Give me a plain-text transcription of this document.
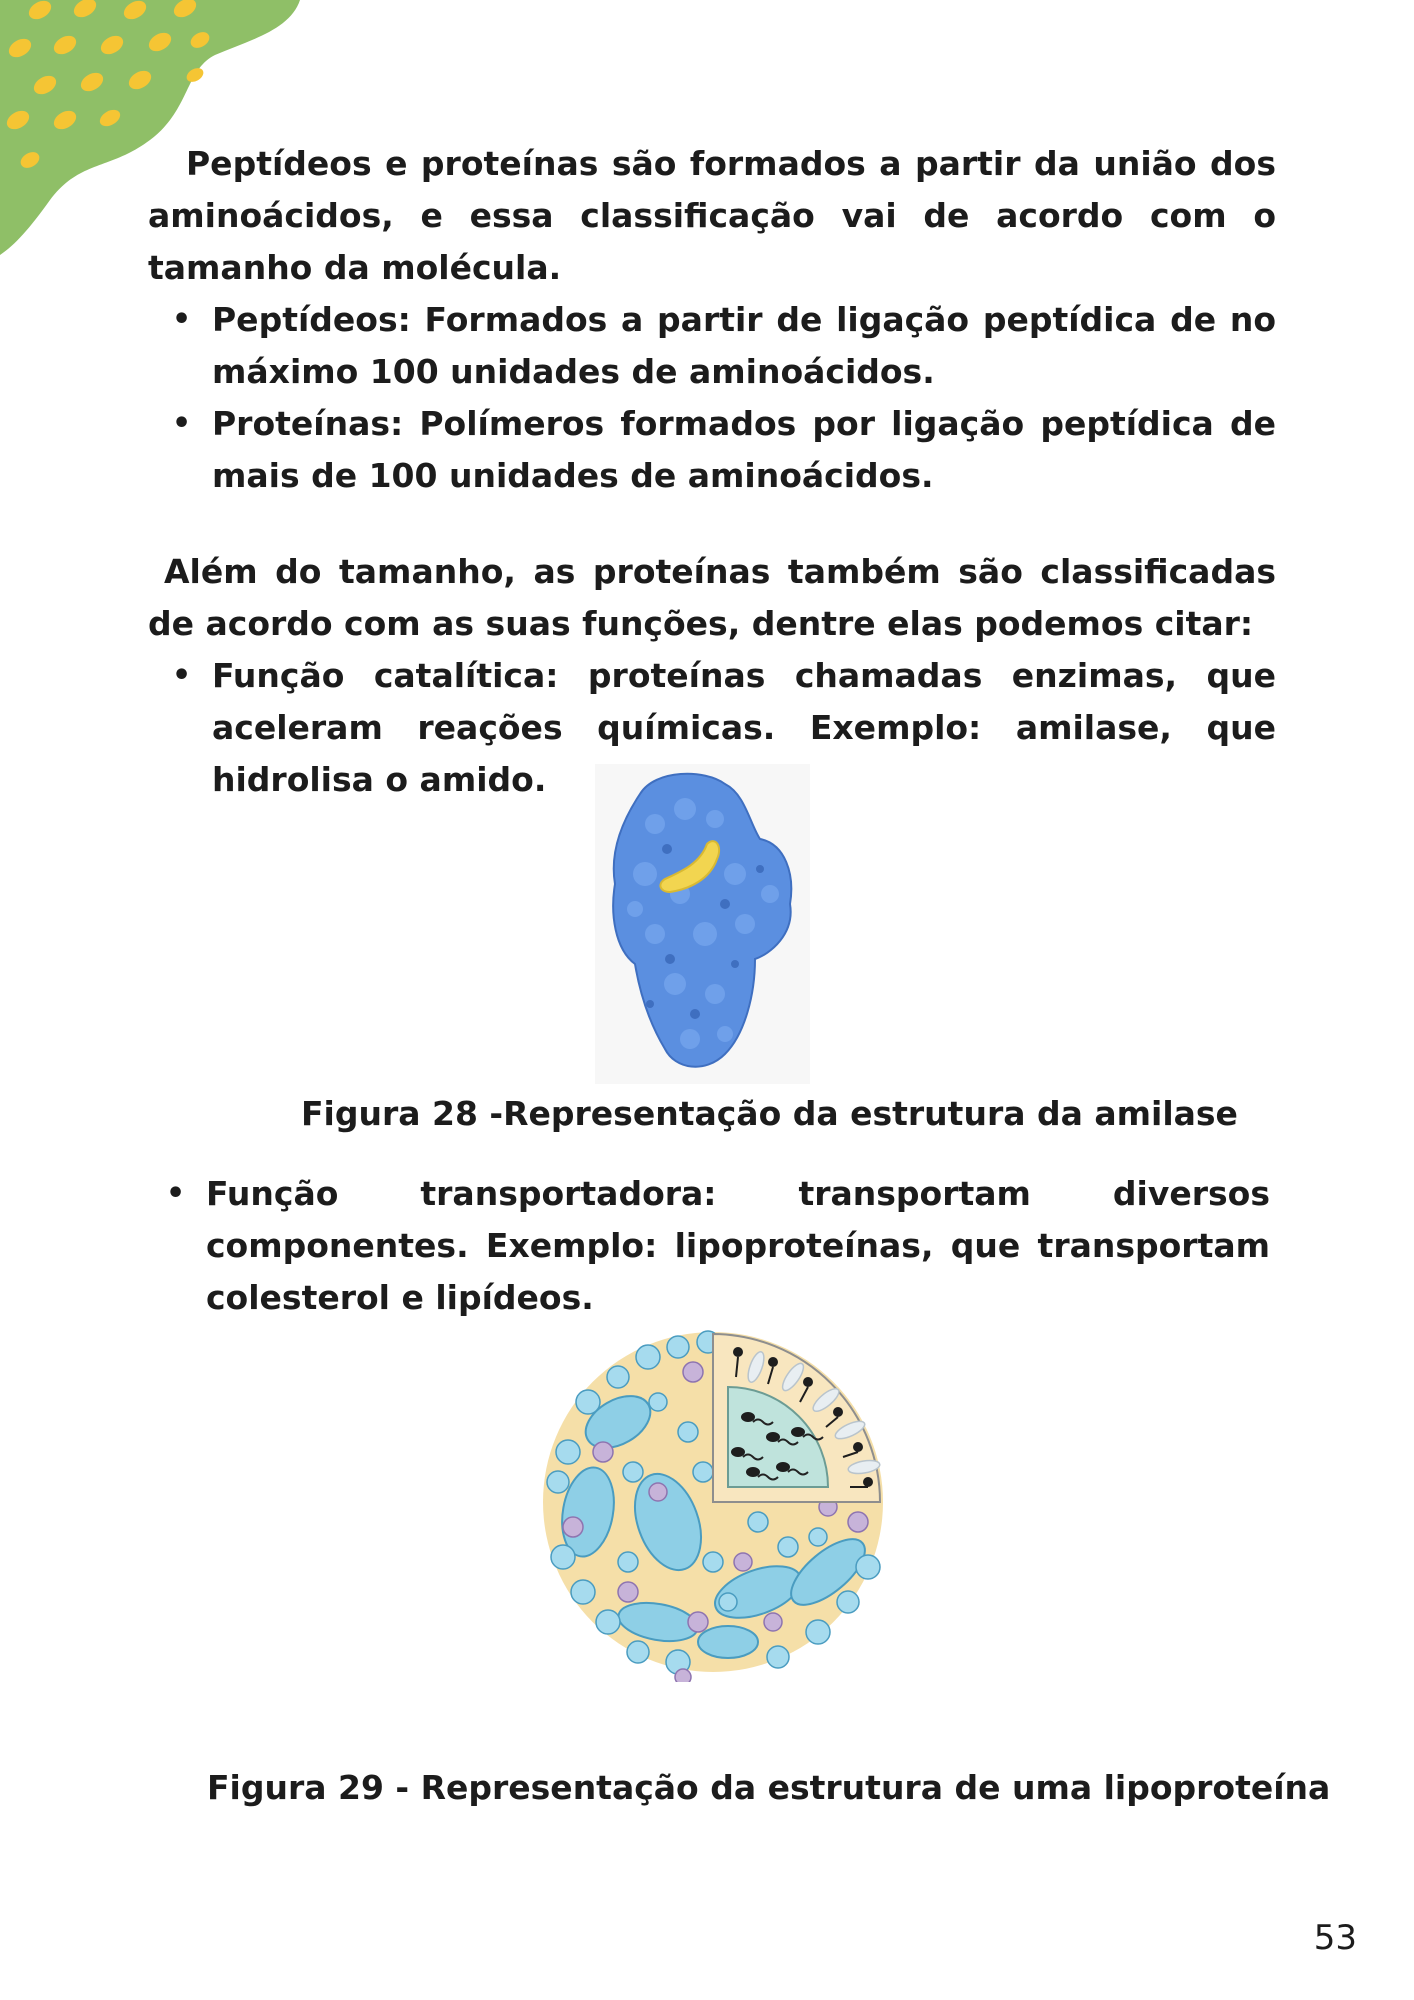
Peptídeos e proteínas são formados a partir da união dos aminoácidos, e essa classificação vai de acordo com o tamanho da molécula.

• Peptídeos: Formados a partir de ligação peptídica de no máximo 100 unidades de aminoácidos.
• Proteínas: Polímeros formados por ligação peptídica de mais de 100 unidades de aminoácidos.

Além do tamanho, as proteínas também são classificadas de acordo com as suas funções, dentre elas podemos citar:

• Função catalítica: proteínas chamadas enzimas, que aceleram reações químicas. Exemplo: amilase, que hidrolisa o amido.
Figura 28 -Representação da estrutura da amilase
• Função transportadora: transportam diversos componentes. Exemplo: lipoproteínas, que transportam colesterol e lipídeos.
Figura 29 - Representação da estrutura de uma lipoproteína
53
